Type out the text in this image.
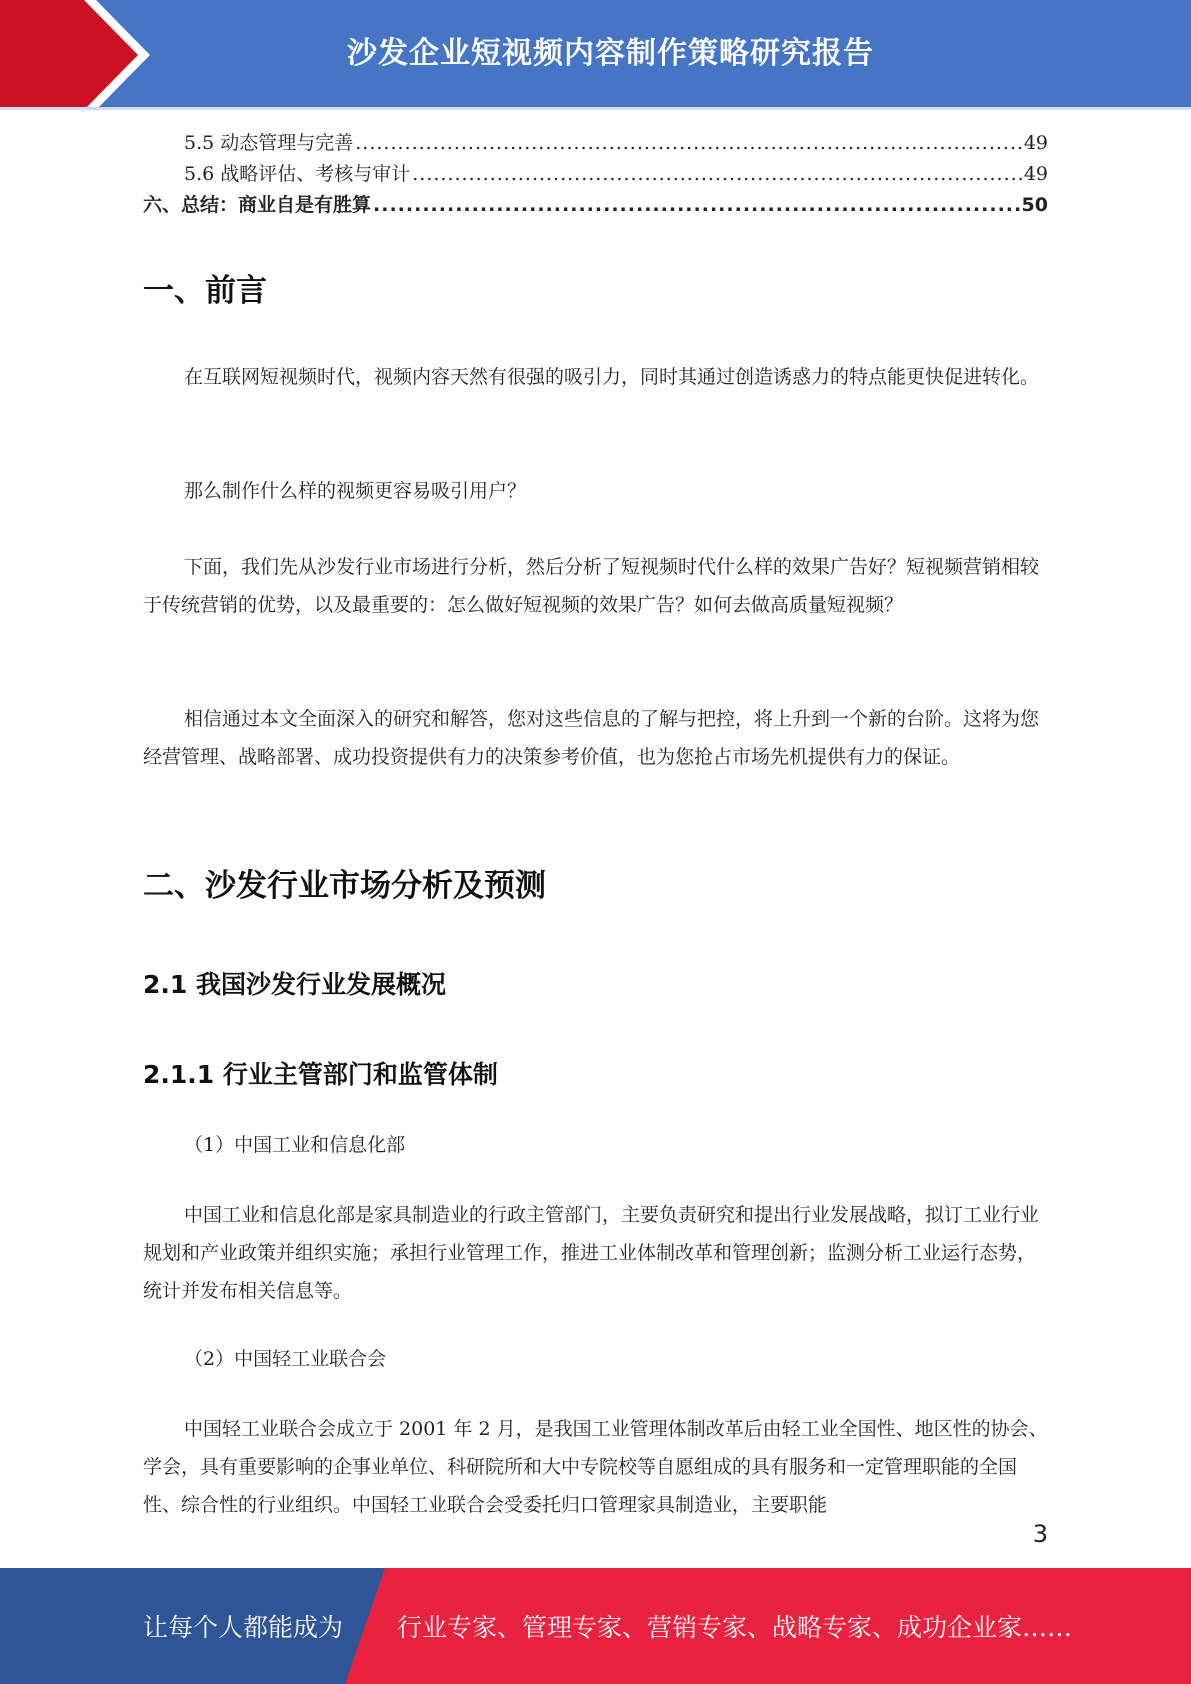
沙发企业短视频内容制作策略研究报告
5.5 动态管理与完善 .....	49
5.6 战略评估、考核与审计 .....	49
六、总结：商业自是有胜算 .....	50
一、前言
在互联网短视频时代，视频内容天然有很强的吸引力，同时其通过创造诱惑力的特点能更快促进转化。
那么制作什么样的视频更容易吸引用户？
下面，我们先从沙发行业市场进行分析，然后分析了短视频时代什么样的效果广告好？短视频营销相较于传统营销的优势，以及最重要的：怎么做好短视频的效果广告？如何去做高质量短视频？
相信通过本文全面深入的研究和解答，您对这些信息的了解与把控，将上升到一个新的台阶。这将为您经营管理、战略部署、成功投资提供有力的决策参考价值，也为您抢占市场先机提供有力的保证。
二、沙发行业市场分析及预测
2.1 我国沙发行业发展概况
2.1.1 行业主管部门和监管体制
（1）中国工业和信息化部
中国工业和信息化部是家具制造业的行政主管部门，主要负责研究和提出行业发展战略，拟订工业行业规划和产业政策并组织实施；承担行业管理工作，推进工业体制改革和管理创新；监测分析工业运行态势，统计并发布相关信息等。
（2）中国轻工业联合会
中国轻工业联合会成立于 2001 年 2 月，是我国工业管理体制改革后由轻工业全国性、地区性的协会、学会，具有重要影响的企事业单位、科研院所和大中专院校等自愿组成的具有服务和一定管理职能的全国性、综合性的行业组织。中国轻工业联合会受委托归口管理家具制造业，主要职能
3
让每个人都能成为 行业专家、管理专家、营销专家、战略专家、成功企业家……
